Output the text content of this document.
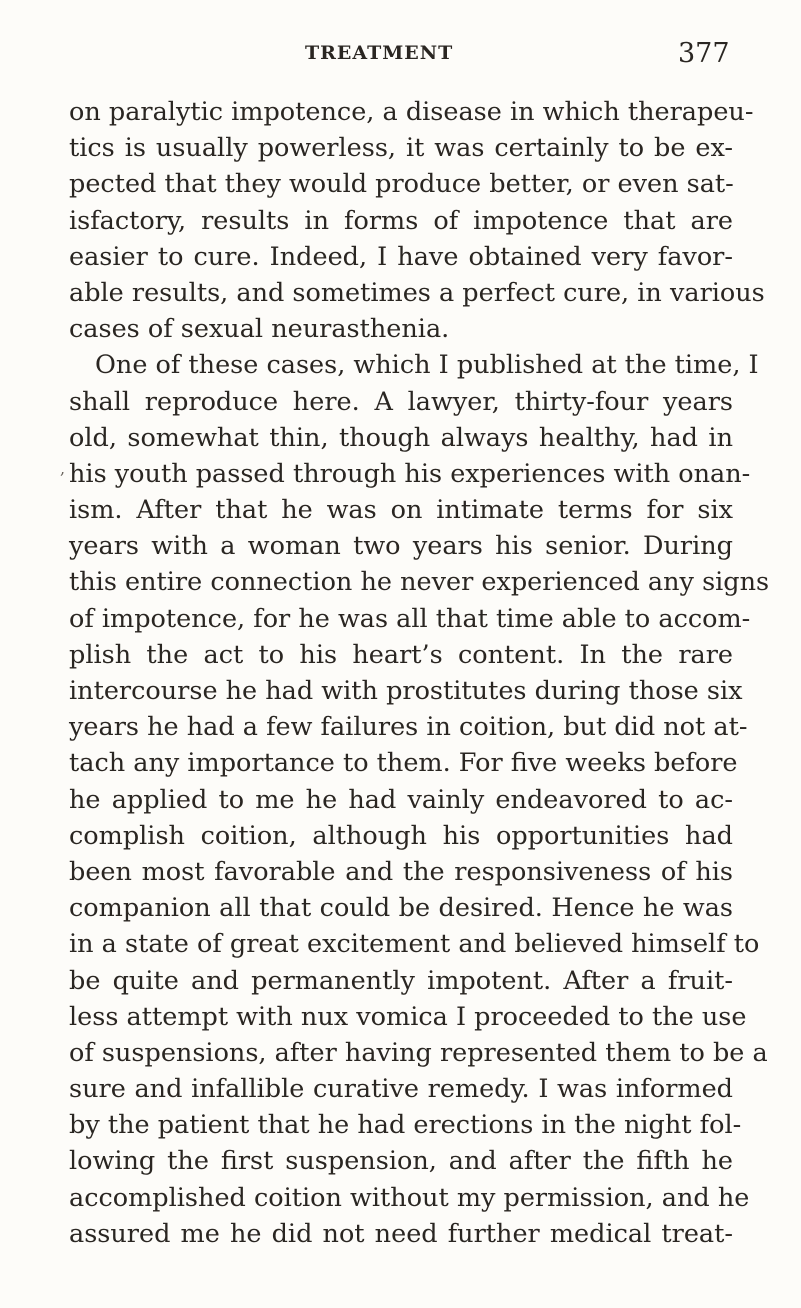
TREATMENT	377
,
on paralytic impotence, a disease in which therapeu-
tics is usually powerless, it was certainly to be ex-
pected that they would produce better, or even sat-
isfactory, results in forms of impotence that are
easier to cure. Indeed, I have obtained very favor-
able results, and sometimes a perfect cure, in various
cases of sexual neurasthenia.
One of these cases, which I published at the time, I
shall reproduce here. A lawyer, thirty-four years
old, somewhat thin, though always healthy, had in
his youth passed through his experiences with onan-
ism. After that he was on intimate terms for six
years with a woman two years his senior. During
this entire connection he never experienced any signs
of impotence, for he was all that time able to accom-
plish the act to his heart’s content. In the rare
intercourse he had with prostitutes during those six
years he had a few failures in coition, but did not at-
tach any importance to them. For five weeks before
he applied to me he had vainly endeavored to ac-
complish coition, although his opportunities had
been most favorable and the responsiveness of his
companion all that could be desired. Hence he was
in a state of great excitement and believed himself to
be quite and permanently impotent. After a fruit-
less attempt with nux vomica I proceeded to the use
of suspensions, after having represented them to be a
sure and infallible curative remedy. I was informed
by the patient that he had erections in the night fol-
lowing the first suspension, and after the fifth he
accomplished coition without my permission, and he
assured me he did not need further medical treat-
